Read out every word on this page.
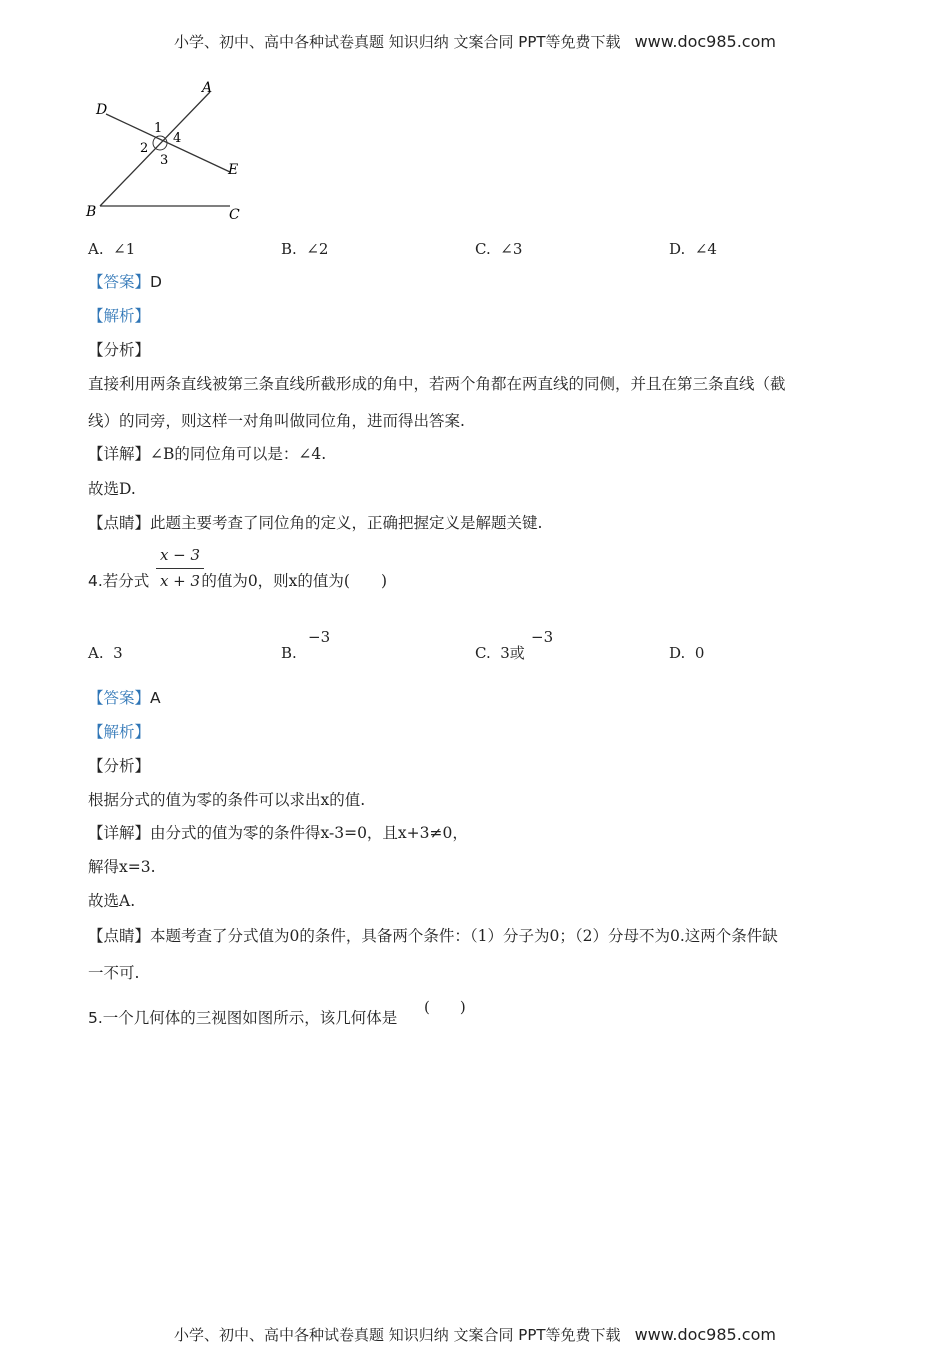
小学、初中、高中各种试卷真题 知识归纳 文案合同 PPT等免费下载 www.doc985.com
A
D
E
B	C
1
4
2
3
A. ∠1	B. ∠2	C. ∠3	D. ∠4
【答案】D
【解析】
【分析】
直接利用两条直线被第三条直线所截形成的角中，若两个角都在两直线的同侧，并且在第三条直线（截
线）的同旁，则这样一对角叫做同位角，进而得出答案.
【详解】∠B的同位角可以是：∠4.
故选D.
【点睛】此题主要考查了同位角的定义，正确把握定义是解题关键.
4.若分式	的值为0，则x的值为(　　)
x − 3
x + 3
A. 3	B.
−3
C. 3或
−3
D. 0
【答案】A
【解析】
【分析】
根据分式的值为零的条件可以求出x的值.
【详解】由分式的值为零的条件得x-3=0，且x+3≠0，
解得x=3.
故选A.
【点睛】本题考查了分式值为0的条件，具备两个条件：（1）分子为0；（2）分母不为0.这两个条件缺
一不可.
5.一个几何体的三视图如图所示，该几何体是
(　　)
小学、初中、高中各种试卷真题 知识归纳 文案合同 PPT等免费下载 www.doc985.com
